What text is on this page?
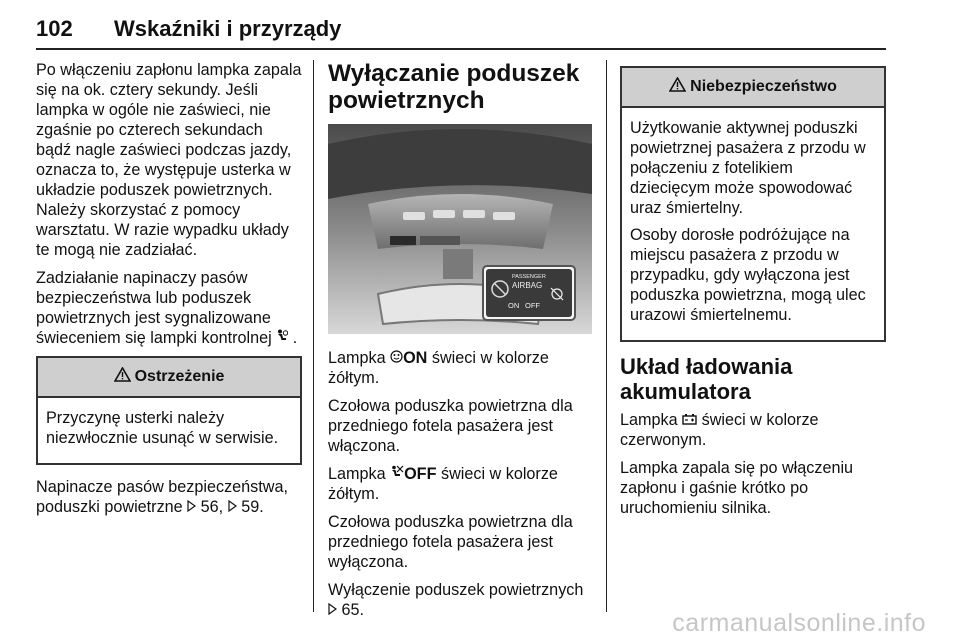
102 Wskaźniki i przyrządy

Po włączeniu zapłonu lampka zapala się na ok. cztery sekundy. Jeśli lampka w ogóle nie zaświeci, nie zgaśnie po czterech sekundach bądź nagle zaświeci podczas jazdy, oznacza to, że występuje usterka w układzie poduszek powietrznych. Należy skorzystać z pomocy warsztatu. W razie wypadku układy te mogą nie zadziałać.

Zadziałanie napinaczy pasów bezpieczeństwa lub poduszek powietrznych jest sygnalizowane świeceniem się lampki kontrolnej .

Ostrzeżenie

Przyczynę usterki należy niezwłocznie usunąć w serwisie.

Napinacze pasów bezpieczeństwa, poduszki powietrzne 56, 59.

Wyłączanie poduszek powietrznych
PASSENGER
AIRBAG
ON OFF

Lampka ON świeci w kolorze żółtym.

Czołowa poduszka powietrzna dla przedniego fotela pasażera jest włączona.

Lampka OFF świeci w kolorze żółtym.

Czołowa poduszka powietrzna dla przedniego fotela pasażera jest wyłączona.

Wyłączenie poduszek powietrznych  65.

Niebezpieczeństwo

Użytkowanie aktywnej poduszki powietrznej pasażera z przodu w połączeniu z fotelikiem dziecięcym może spowodować uraz śmiertelny.

Osoby dorosłe podróżujące na miejscu pasażera z przodu w przypadku, gdy wyłączona jest poduszka powietrzna, mogą ulec urazowi śmiertelnemu.

Układ ładowania akumulatora

Lampka świeci w kolorze czerwonym.

Lampka zapala się po włączeniu zapłonu i gaśnie krótko po uruchomieniu silnika.

carmanualsonline.info
